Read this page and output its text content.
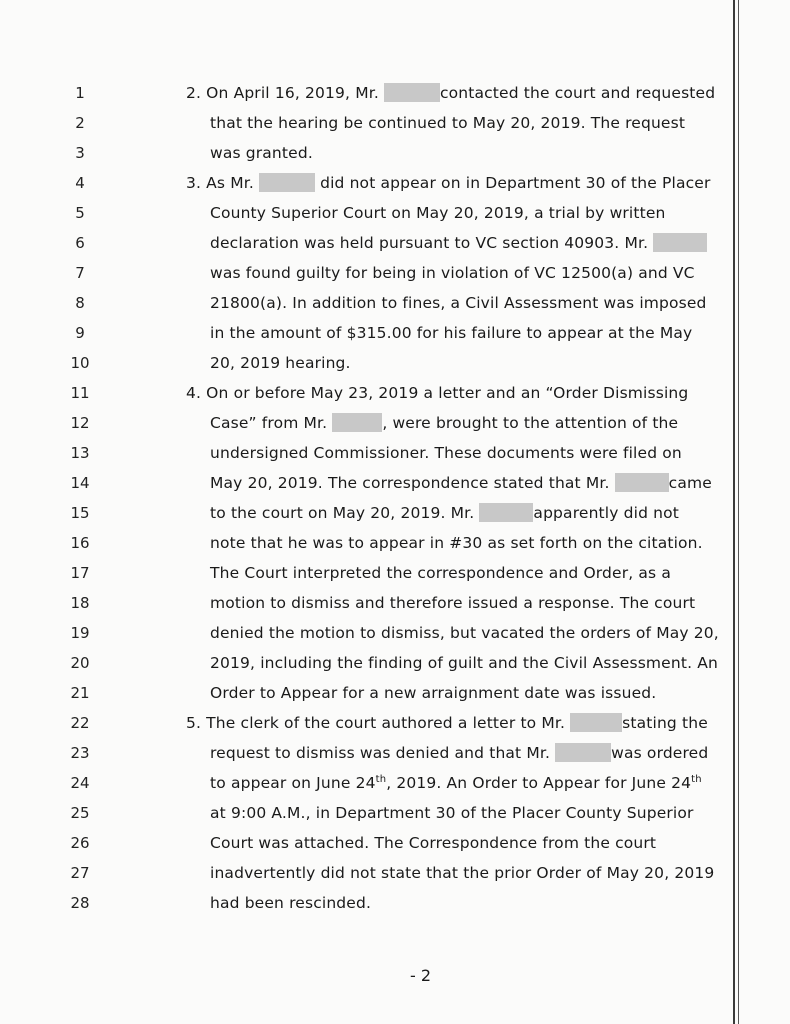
1
2
3
4
5
6
7
8
9
10
11
12
13
14
15
16
17
18
19
20
21
22
23
24
25
26
27
28
2. On April 16, 2019, Mr.	contacted the court and requested
that the hearing be continued to May 20, 2019. The request
was granted.
3. As Mr.	did not appear on in Department 30 of the Placer
County Superior Court on May 20, 2019, a trial by written
declaration was held pursuant to VC section 40903. Mr.
was found guilty for being in violation of VC 12500(a) and VC
21800(a). In addition to fines, a Civil Assessment was imposed
in the amount of $315.00 for his failure to appear at the May
20, 2019 hearing.
4. On or before May 23, 2019 a letter and an “Order Dismissing
Case” from Mr.	, were brought to the attention of the
undersigned Commissioner. These documents were filed on
May 20, 2019. The correspondence stated that Mr.	came
to the court on May 20, 2019. Mr.	apparently did not
note that he was to appear in #30 as set forth on the citation.
The Court interpreted the correspondence and Order, as a
motion to dismiss and therefore issued a response. The court
denied the motion to dismiss, but vacated the orders of May 20,
2019, including the finding of guilt and the Civil Assessment. An
Order to Appear for a new arraignment date was issued.
5. The clerk of the court authored a letter to Mr.	stating the
request to dismiss was denied and that Mr.	was ordered
to appear on June 24th, 2019. An Order to Appear for June 24th
at 9:00 A.M., in Department 30 of the Placer County Superior
Court was attached. The Correspondence from the court
inadvertently did not state that the prior Order of May 20, 2019
had been rescinded.
- 2
